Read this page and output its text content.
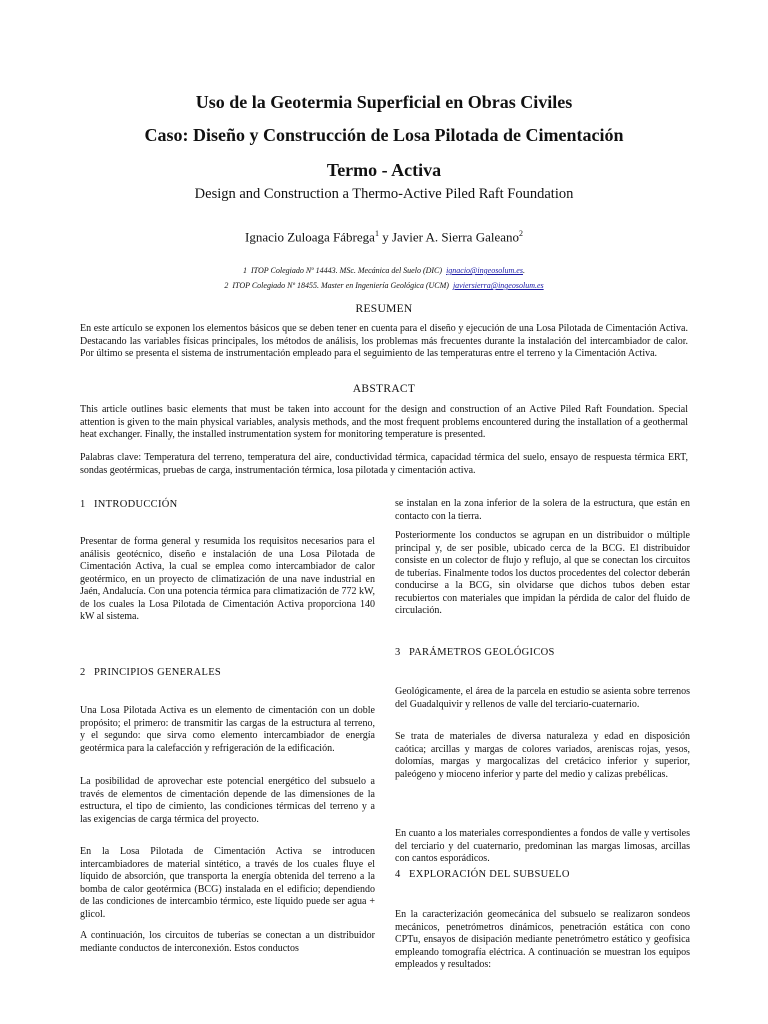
Uso de la Geotermia Superficial en Obras Civiles
Caso: Diseño y Construcción de Losa Pilotada de Cimentación
Termo - Activa

Design and Construction a Thermo-Active Piled Raft Foundation

Ignacio Zuloaga Fábrega$^1$ y Javier A. Sierra Galeano$^2$

1  ITOP Colegiado Nº 14443. MSc. Mecánica del Suelo (DIC)  ignacio@ingeosolum.es.

2  ITOP Colegiado Nº 18455. Master en Ingeniería Geológica (UCM)  javiersierra@ingeosolum.es

RESUMEN

En este artículo se exponen los elementos básicos que se deben tener en cuenta para el diseño y ejecución de una Losa Pilotada de Cimentación Activa. Destacando las variables físicas principales, los métodos de análisis, los problemas más frecuentes durante la instalación del intercambiador de calor. Por último se presenta el sistema de instrumentación empleado para el seguimiento de las temperaturas entre el terreno y la Cimentación Activa.

ABSTRACT

This article outlines basic elements that must be taken into account for the design and construction of an Active Piled Raft Foundation. Special attention is given to the main physical variables, analysis methods, and the most frequent problems encountered during the installation of a geothermal heat exchanger. Finally, the installed instrumentation system for monitoring temperature is presented.

Palabras clave: Temperatura del terreno, temperatura del aire, conductividad térmica, capacidad térmica del suelo, ensayo de respuesta térmica ERT, sondas geotérmicas, pruebas de carga, instrumentación térmica, losa pilotada y cimentación activa.

1 INTRODUCCIÓN

Presentar de forma general y resumida los requisitos necesarios para el análisis geotécnico, diseño e instalación de una Losa Pilotada de Cimentación Activa, la cual se emplea como intercambiador de calor geotérmico, en un proyecto de climatización de una nave industrial en Jaén, Andalucía. Con una potencia térmica para climatización de 772 kW, de los cuales la Losa Pilotada de Cimentación Activa proporciona 140 kW al sistema.

2 PRINCIPIOS GENERALES

Una Losa Pilotada Activa es un elemento de cimentación con un doble propósito; el primero: de transmitir las cargas de la estructura al terreno, y el segundo: que sirva como elemento intercambiador de energía geotérmica para la calefacción y refrigeración de la edificación.

La posibilidad de aprovechar este potencial energético del subsuelo a través de elementos de cimentación depende de las dimensiones de la estructura, el tipo de cimiento, las condiciones térmicas del terreno y a las exigencias de carga térmica del proyecto.

En la Losa Pilotada de Cimentación Activa se introducen intercambiadores de material sintético, a través de los cuales fluye el líquido de absorción, que transporta la energía obtenida del terreno a la bomba de calor geotérmica (BCG) instalada en el edificio; dependiendo de las condiciones de intercambio térmico, este líquido puede ser agua + glicol.

A continuación, los circuitos de tuberías se conectan a un distribuidor mediante conductos de interconexión. Estos conductos

se instalan en la zona inferior de la solera de la estructura, que están en contacto con la tierra.

Posteriormente los conductos se agrupan en un distribuidor o múltiple principal y, de ser posible, ubicado cerca de la BCG. El distribuidor consiste en un colector de flujo y reflujo, al que se conectan los circuitos de tuberías. Finalmente todos los ductos procedentes del colector deberán conducirse a la BCG, sin olvidarse que dichos tubos deben estar recubiertos con materiales que impidan la pérdida de calor del fluido de circulación.

3 PARÁMETROS GEOLÓGICOS

Geológicamente, el área de la parcela en estudio se asienta sobre terrenos del Guadalquivir y rellenos de valle del terciario-cuaternario.

Se trata de materiales de diversa naturaleza y edad en disposición caótica; arcillas y margas de colores variados, areniscas rojas, yesos, dolomías, margas y margocalizas del cretácico inferior y superior, paleógeno y mioceno inferior y parte del medio y calizas prebélicas.

En cuanto a los materiales correspondientes a fondos de valle y vertisoles del terciario y del cuaternario, predominan las margas limosas, arcillas con cantos esporádicos.

4 EXPLORACIÓN DEL SUBSUELO

En la caracterización geomecánica del subsuelo se realizaron sondeos mecánicos, penetrómetros dinámicos, penetración estática con cono CPTu, ensayos de disipación mediante penetrómetro estático y geofísica empleando tomografía eléctrica. A continuación se muestran los equipos empleados y resultados:
